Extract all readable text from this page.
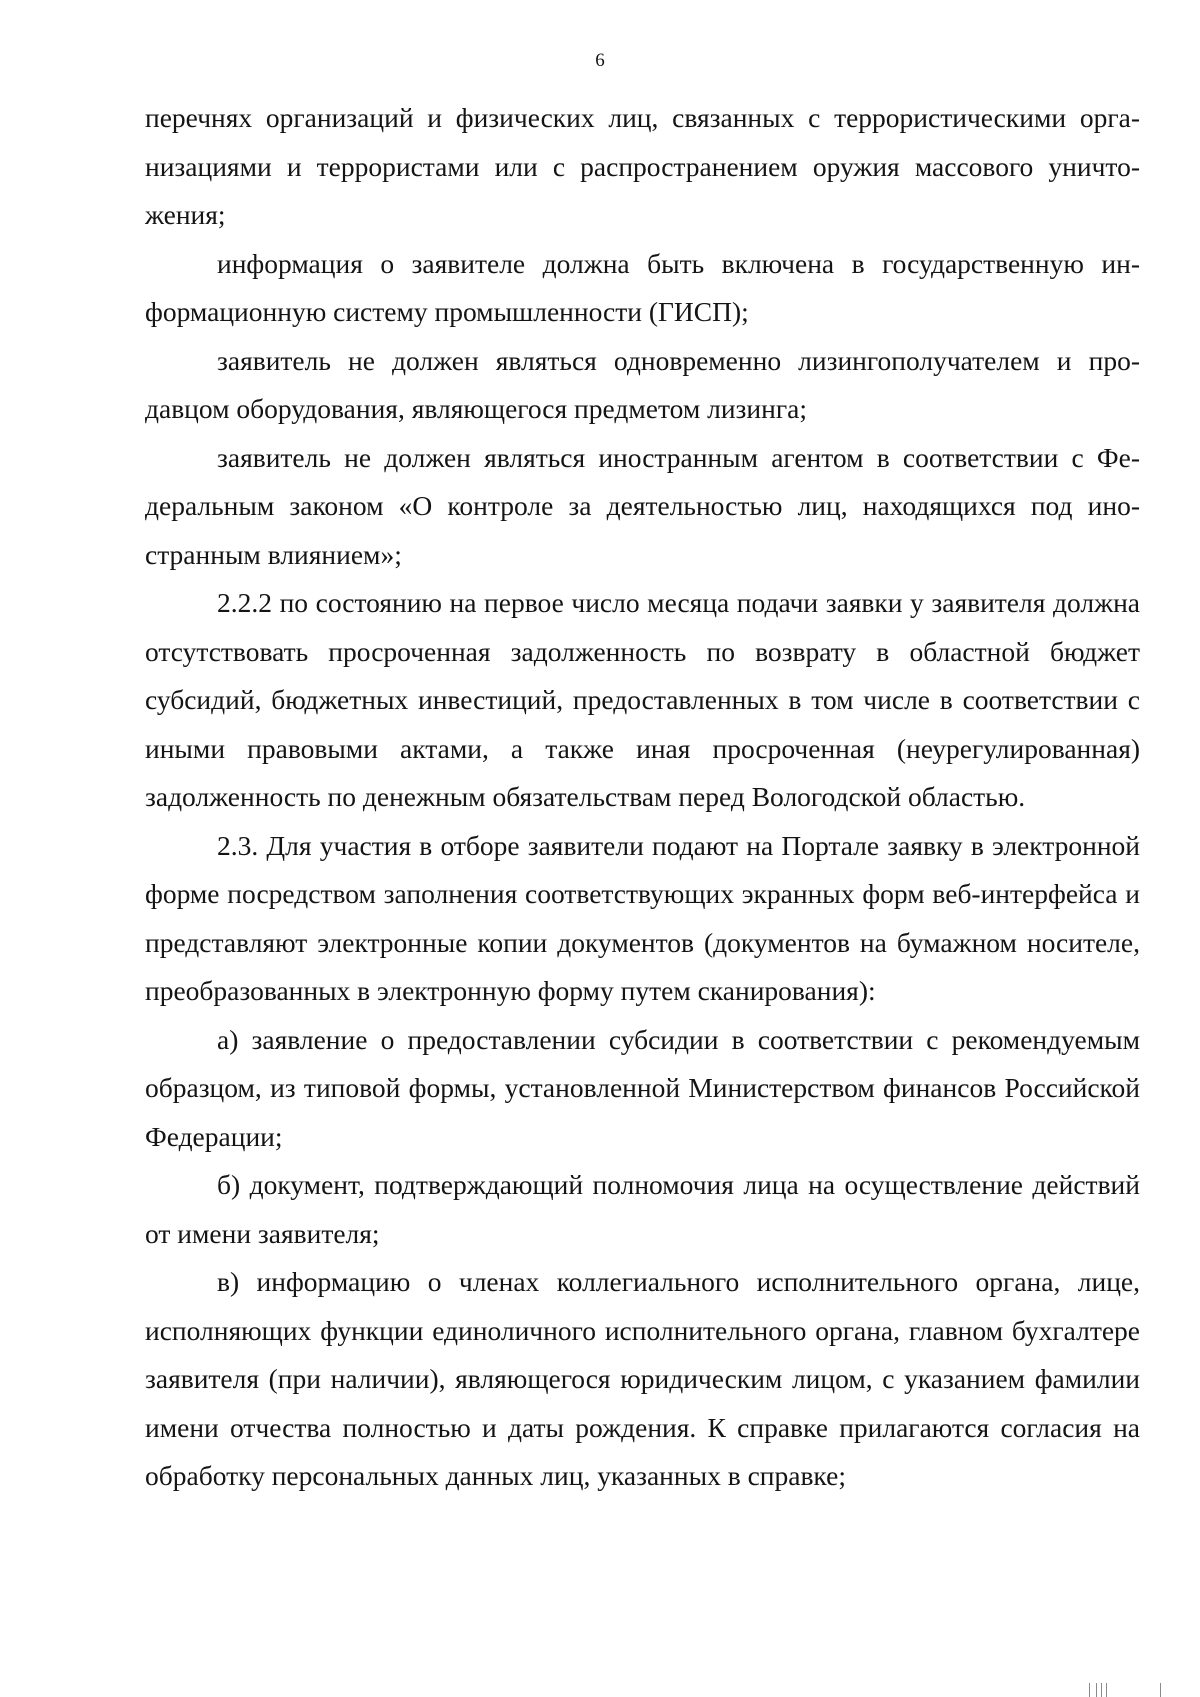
6

перечнях организаций и физических лиц, связанных с террористическими организациями и террористами или с распространением оружия массового уничтожения;

информация о заявителе должна быть включена в государственную информационную систему промышленности (ГИСП);

заявитель не должен являться одновременно лизингополучателем и продавцом оборудования, являющегося предметом лизинга;

заявитель не должен являться иностранным агентом в соответствии с Федеральным законом «О контроле за деятельностью лиц, находящихся под иностранным влиянием»;

2.2.2 по состоянию на первое число месяца подачи заявки у заявителя должна отсутствовать просроченная задолженность по возврату в областной бюджет субсидий, бюджетных инвестиций, предоставленных в том числе в соответствии с иными правовыми актами, а также иная просроченная (неурегулированная) задолженность по денежным обязательствам перед Вологодской областью.

2.3. Для участия в отборе заявители подают на Портале заявку в электронной форме посредством заполнения соответствующих экранных форм веб-интерфейса и представляют электронные копии документов (документов на бумажном носителе, преобразованных в электронную форму путем сканирования):

а) заявление о предоставлении субсидии в соответствии с рекомендуемым образцом, из типовой формы, установленной Министерством финансов Российской Федерации;

б) документ, подтверждающий полномочия лица на осуществление действий от имени заявителя;

в) информацию о членах коллегиального исполнительного органа, лице, исполняющих функции единоличного исполнительного органа, главном бухгалтере заявителя (при наличии), являющегося юридическим лицом, с указанием фамилии имени отчества полностью и даты рождения. К справке прилагаются согласия на обработку персональных данных лиц, указанных в справке;
